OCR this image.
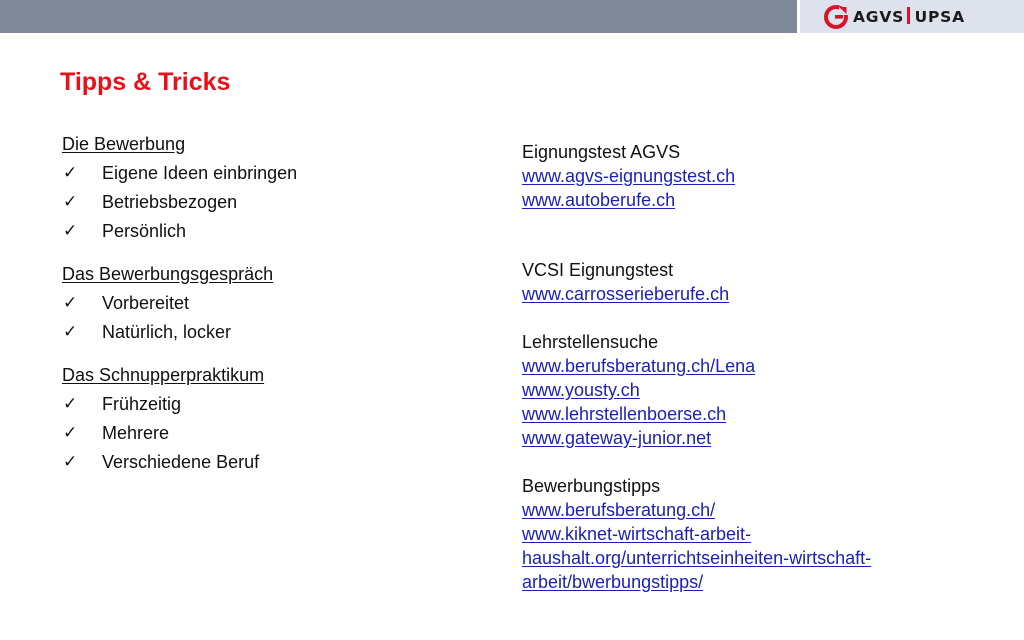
AGVS UPSA
Tipps & Tricks
Die Bewerbung
✓ Eigene Ideen einbringen
✓ Betriebsbezogen
✓ Persönlich
Das Bewerbungsgespräch
✓ Vorbereitet
✓ Natürlich, locker
Das Schnupperpraktikum
✓ Frühzeitig
✓ Mehrere
✓ Verschiedene Beruf
Eignungstest AGVS
www.agvs-eignungstest.ch
www.autoberufe.ch
VCSI Eignungstest
www.carrosserieberufe.ch
Lehrstellensuche
www.berufsberatung.ch/Lena
www.yousty.ch
www.lehrstellenboerse.ch
www.gateway-junior.net
Bewerbungstipps
www.berufsberatung.ch/
www.kiknet-wirtschaft-arbeit-haushalt.org/unterrichtseinheiten-wirtschaft-arbeit/bwerbungstipps/
